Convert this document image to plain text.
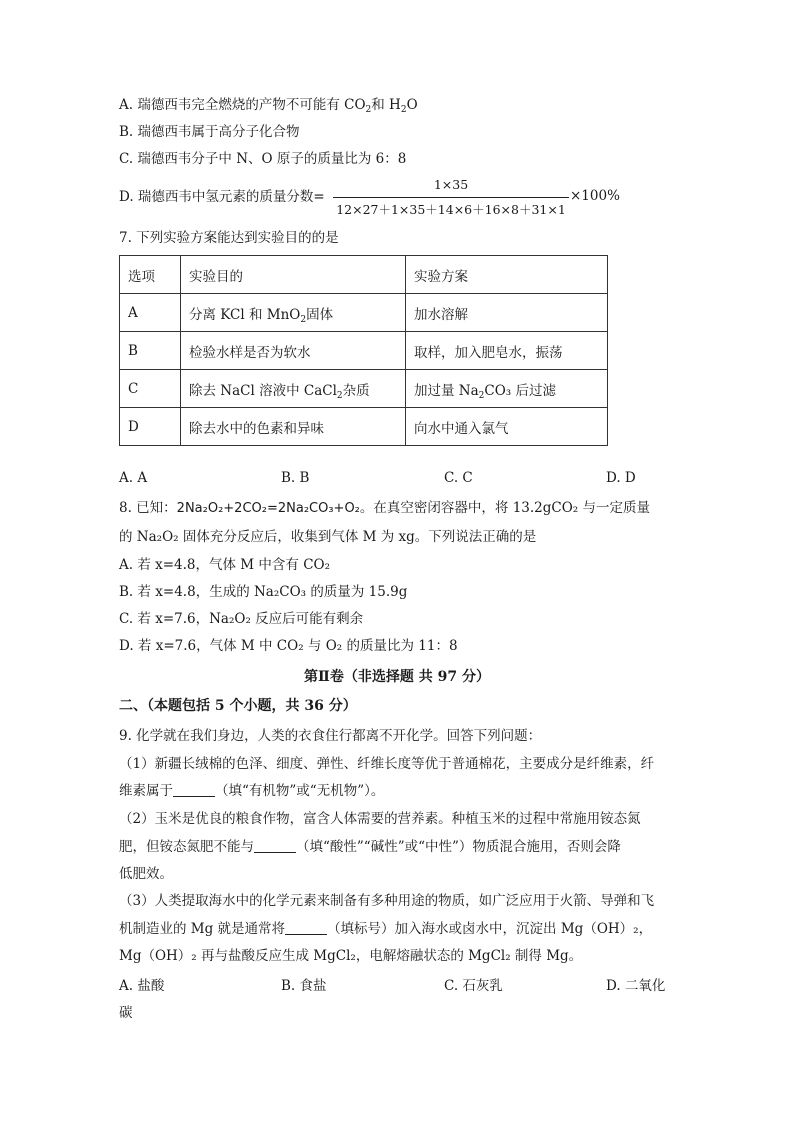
A. 瑞德西韦完全燃烧的产物不可能有 $CO_2$和 $H_2O$
B. 瑞德西韦属于高分子化合物
C. 瑞德西韦分子中 N、O 原子的质量比为 6：8
D. 瑞德西韦中氢元素的质量分数=
1×35
12×27＋1×35＋14×6＋16×8＋31×1
×100%
7. 下列实验方案能达到实验目的的是
选项	实验目的	实验方案
A	分离 KCl 和 MnO$_2$固体	加水溶解
B	检验水样是否为软水	取样，加入肥皂水，振荡
C	除去 NaCl 溶液中 CaCl$_2$杂质	加过量 $Na_2CO_3$ 后过滤
D	除去水中的色素和异味	向水中通入氯气
A. A	B. B	C. C	D. D
8. 已知：2Na₂O₂+2CO₂=2Na₂CO₃+O₂。在真空密闭容器中，将 13.2gCO₂ 与一定质量
的 Na₂O₂ 固体充分反应后，收集到气体 M 为 xg。下列说法正确的是
A. 若 x=4.8，气体 M 中含有 CO₂
B. 若 x=4.8，生成的 Na₂CO₃ 的质量为 15.9g
C. 若 x=7.6，Na₂O₂ 反应后可能有剩余
D. 若 x=7.6，气体 M 中 CO₂ 与 O₂ 的质量比为 11：8
第Ⅱ卷（非选择题 共 97 分）
二、（本题包括 5 个小题，共 36 分）
9. 化学就在我们身边，人类的衣食住行都离不开化学。回答下列问题：
（1）新疆长绒棉的色泽、细度、弹性、纤维长度等优于普通棉花，主要成分是纤维素，纤
维素属于	（填“有机物”或“无机物”）。
（2）玉米是优良的粮食作物，富含人体需要的营养素。种植玉米的过程中常施用铵态氮
肥，但铵态氮肥不能与	（填“酸性”“碱性”或“中性”）物质混合施用，否则会降
低肥效。
（3）人类提取海水中的化学元素来制备有多种用途的物质，如广泛应用于火箭、导弹和飞
机制造业的 Mg 就是通常将	（填标号）加入海水或卤水中，沉淀出 Mg（OH）₂，
Mg（OH）₂ 再与盐酸反应生成 MgCl₂，电解熔融状态的 MgCl₂ 制得 Mg。
A. 盐酸	B. 食盐	C. 石灰乳	D. 二氧化
碳
